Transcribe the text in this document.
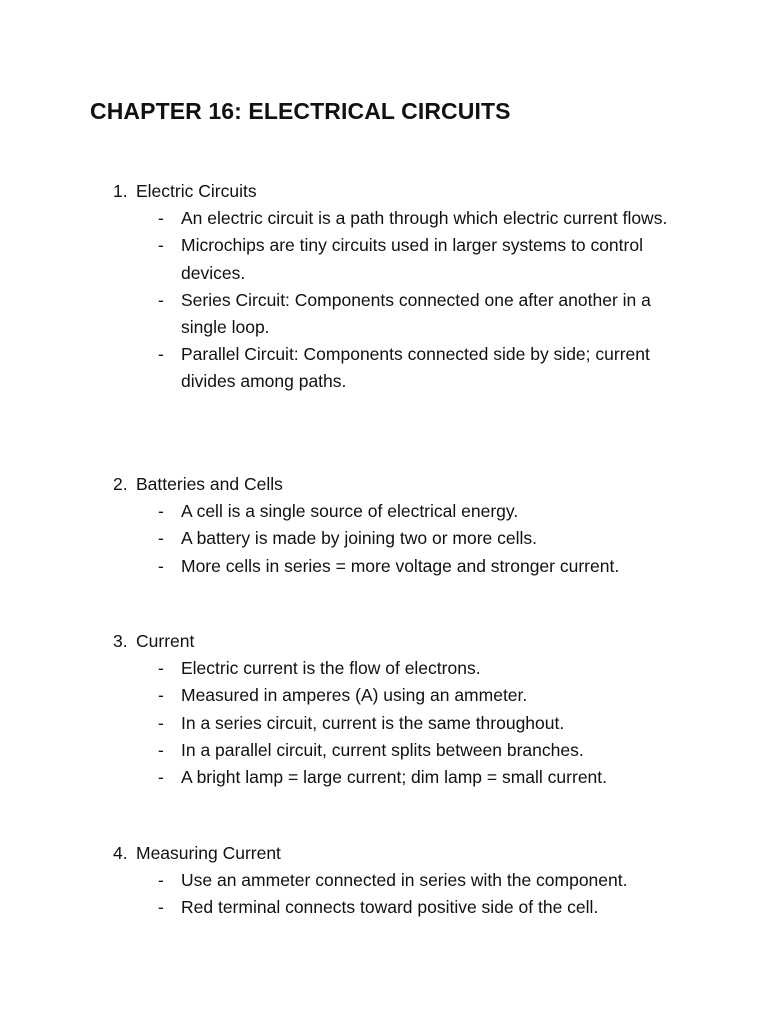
CHAPTER 16: ELECTRICAL CIRCUITS
1. Electric Circuits
- An electric circuit is a path through which electric current flows.
- Microchips are tiny circuits used in larger systems to control devices.
- Series Circuit: Components connected one after another in a single loop.
- Parallel Circuit: Components connected side by side; current divides among paths.
2. Batteries and Cells
- A cell is a single source of electrical energy.
- A battery is made by joining two or more cells.
- More cells in series = more voltage and stronger current.
3. Current
- Electric current is the flow of electrons.
- Measured in amperes (A) using an ammeter.
- In a series circuit, current is the same throughout.
- In a parallel circuit, current splits between branches.
- A bright lamp = large current; dim lamp = small current.
4. Measuring Current
- Use an ammeter connected in series with the component.
- Red terminal connects toward positive side of the cell.
